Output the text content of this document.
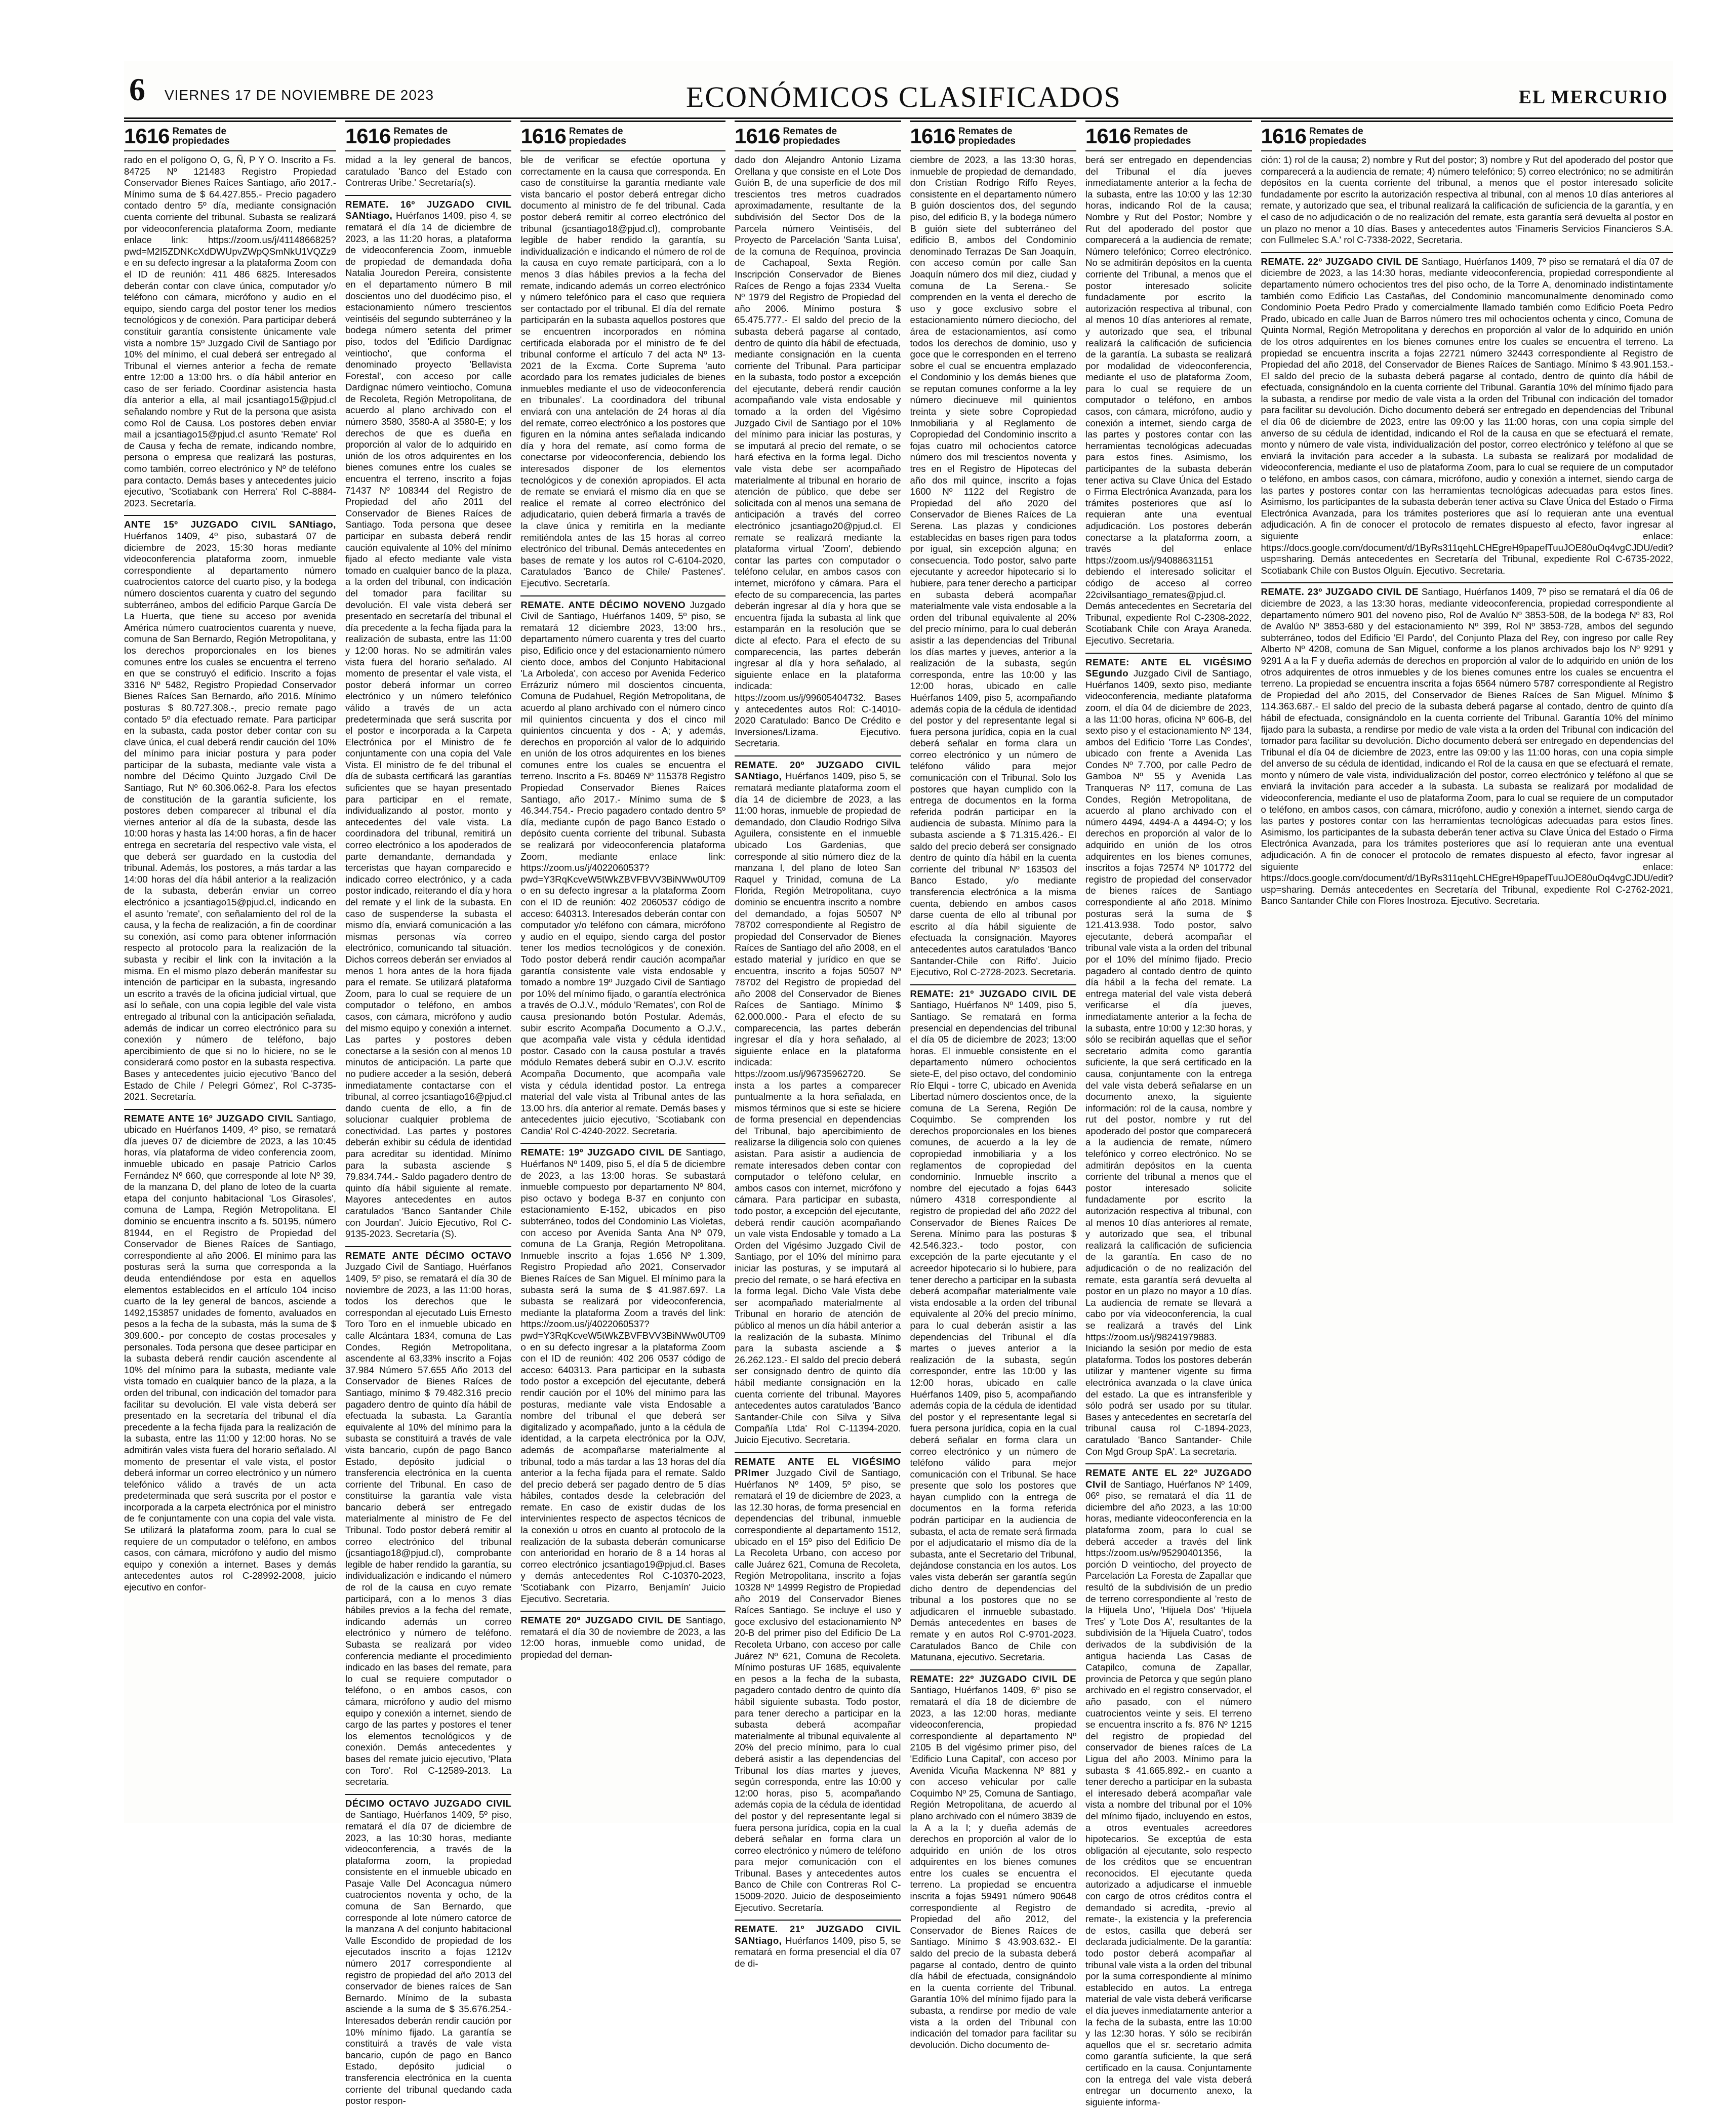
6 VIERNES 17 DE NOVIEMBRE DE 2023	ECONÓMICOS CLASIFICADOS	EL MERCURIO
1616 Remates de propiedades

rado en el polígono O, G, Ñ, P Y O. Inscrito a Fs. 84725 Nº 121483 Registro Propiedad Conservador Bienes Raíces Santiago, año 2017.- Mínimo suma de $ 64.427.855.- Precio pagadero contado dentro 5º día, mediante consignación cuenta corriente del tribunal. Subasta se realizará por videoconferencia plataforma Zoom, mediante enlace link: https://zoom.us/j/4114866825?pwd=M2I5ZDNKcXdDWUpvZWpQSmNkU1VQZz9 e en su defecto ingresar a la plataforma Zoom con el ID de reunión: 411 486 6825. Interesados deberán contar con clave única, computador y/o teléfono con cámara, micrófono y audio en el equipo, siendo carga del postor tener los medios tecnológicos y de conexión. Para participar deberá constituir garantía consistente únicamente vale vista a nombre 15º Juzgado Civil de Santiago por 10% del mínimo, el cual deberá ser entregado al Tribunal el viernes anterior a fecha de remate entre 12:00 a 13:00 hrs. o día hábil anterior en caso de ser feriado. Coordinar asistencia hasta día anterior a ella, al mail jcsantiago15@pjud.cl señalando nombre y Rut de la persona que asista como Rol de Causa. Los postores deben enviar mail a jcsantiago15@pjud.cl asunto 'Remate' Rol de Causa y fecha de remate, indicando nombre, persona o empresa que realizará las posturas, como también, correo electrónico y Nº de teléfono para contacto. Demás bases y antecedentes juicio ejecutivo, 'Scotiabank con Herrera' Rol C-8884-2023. Secretaría.

ANTE 15º JUZGADO CIVIL SANtiago, Huérfanos 1409, 4º piso, subastará 07 de diciembre de 2023, 15:30 horas mediante videoconferencia plataforma zoom, inmueble correspondiente al departamento número cuatrocientos catorce del cuarto piso, y la bodega número doscientos cuarenta y cuatro del segundo subterráneo, ambos del edificio Parque García De La Huerta, que tiene su acceso por avenida América número cuatrocientos cuarenta y nueve, comuna de San Bernardo, Región Metropolitana, y los derechos proporcionales en los bienes comunes entre los cuales se encuentra el terreno en que se construyó el edificio. Inscrito a fojas 3316 Nº 5482, Registro Propiedad Conservador Bienes Raíces San Bernardo, año 2016. Mínimo posturas $ 80.727.308.-, precio remate pago contado 5º día efectuado remate. Para participar en la subasta, cada postor deber contar con su clave única, el cual deberá rendir caución del 10% del mínimo para iniciar postura y para poder participar de la subasta, mediante vale vista a nombre del Décimo Quinto Juzgado Civil De Santiago, Rut Nº 60.306.062-8. Para los efectos de constitución de la garantía suficiente, los postores deben comparecer al tribunal el día viernes anterior al día de la subasta, desde las 10:00 horas y hasta las 14:00 horas, a fin de hacer entrega en secretaría del respectivo vale vista, el que deberá ser guardado en la custodia del tribunal. Además, los postores, a más tardar a las 14:00 horas del día hábil anterior a la realización de la subasta, deberán enviar un correo electrónico a jcsantiago15@pjud.cl, indicando en el asunto 'remate', con señalamiento del rol de la causa, y la fecha de realización, a fin de coordinar su conexión, así como para obtener información respecto al protocolo para la realización de la subasta y recibir el link con la invitación a la misma. En el mismo plazo deberán manifestar su intención de participar en la subasta, ingresando un escrito a través de la oficina judicial virtual, que así lo señale, con una copia legible del vale vista entregado al tribunal con la anticipación señalada, además de indicar un correo electrónico para su conexión y número de teléfono, bajo apercibimiento de que si no lo hiciere, no se le considerará como postor en la subasta respectiva. Bases y antecedentes juicio ejecutivo 'Banco del Estado de Chile / Pelegri Gómez', Rol C-3735-2021. Secretaría.

REMATE ANTE 16º JUZGADO CIVIL Santiago, ubicado en Huérfanos 1409, 4º piso, se rematará día jueves 07 de diciembre de 2023, a las 10:45 horas, vía plataforma de video conferencia zoom, inmueble ubicado en pasaje Patricio Carlos Fernández Nº 660, que corresponde al lote Nº 39, de la manzana D, del plano de loteo de la cuarta etapa del conjunto habitacional 'Los Girasoles', comuna de Lampa, Región Metropolitana. El dominio se encuentra inscrito a fs. 50195, número 81944, en el Registro de Propiedad del Conservador de Bienes Raíces de Santiago, correspondiente al año 2006. El mínimo para las posturas será la suma que corresponda a la deuda entendiéndose por esta en aquellos elementos establecidos en el artículo 104 inciso cuarto de la ley general de bancos, asciende a 1492,153857 unidades de fomento, avaluados en pesos a la fecha de la subasta, más la suma de $ 309.600.- por concepto de costas procesales y personales. Toda persona que desee participar en la subasta deberá rendir caución ascendente al 10% del mínimo para la subasta, mediante vale vista tomado en cualquier banco de la plaza, a la orden del tribunal, con indicación del tomador para facilitar su devolución. El vale vista deberá ser presentado en la secretaría del tribunal el día precedente a la fecha fijada para la realización de la subasta, entre las 11:00 y 12:00 horas. No se admitirán vales vista fuera del horario señalado. Al momento de presentar el vale vista, el postor deberá informar un correo electrónico y un número telefónico válido a través de un acta predeterminada que será suscrita por el postor e incorporada a la carpeta electrónica por el ministro de fe conjuntamente con una copia del vale vista. Se utilizará la plataforma zoom, para lo cual se requiere de un computador o teléfono, en ambos casos, con cámara, micrófono y audio del mismo equipo y conexión a internet. Bases y demás antecedentes autos rol C-28992-2008, juicio ejecutivo en confor-

1616 Remates de propiedades

midad a la ley general de bancos, caratulado 'Banco del Estado con Contreras Uribe.' Secretaría(s).

REMATE. 16º JUZGADO CIVIL SANtiago, Huérfanos 1409, piso 4, se rematará el día 14 de diciembre de 2023, a las 11:20 horas, a plataforma de videoconferencia Zoom, inmueble de propiedad de demandada doña Natalia Jouredon Pereira, consistente en el departamento número B mil doscientos uno del duodécimo piso, el estacionamiento número trescientos veintiséis del segundo subterráneo y la bodega número setenta del primer piso, todos del 'Edificio Dardignac veintiocho', que conforma el denominado proyecto 'Bellavista Forestal', con acceso por calle Dardignac número veintiocho, Comuna de Recoleta, Región Metropolitana, de acuerdo al plano archivado con el número 3580, 3580-A al 3580-E; y los derechos de que es dueña en proporción al valor de lo adquirido en unión de los otros adquirentes en los bienes comunes entre los cuales se encuentra el terreno, inscrito a fojas 71437 Nº 108344 del Registro de Propiedad del año 2011 del Conservador de Bienes Raíces de Santiago. Toda persona que desee participar en subasta deberá rendir caución equivalente al 10% del mínimo fijado al efecto mediante vale vista tomado en cualquier banco de la plaza, a la orden del tribunal, con indicación del tomador para facilitar su devolución. El vale vista deberá ser presentado en secretaría del tribunal el día precedente a la fecha fijada para la realización de subasta, entre las 11:00 y 12:00 horas. No se admitirán vales vista fuera del horario señalado. Al momento de presentar el vale vista, el postor deberá informar un correo electrónico y un número telefónico válido a través de un acta predeterminada que será suscrita por el postor e incorporada a la Carpeta Electrónica por el Ministro de fe conjuntamente con una copia del Vale Vista. El ministro de fe del tribunal el día de subasta certificará las garantías suficientes que se hayan presentado para participar en el remate, individualizando al postor, monto y antecedentes del vale vista. La coordinadora del tribunal, remitirá un correo electrónico a los apoderados de parte demandante, demandada y terceristas que hayan comparecido e indicado correo electrónico, y a cada postor indicado, reiterando el día y hora del remate y el link de la subasta. En caso de suspenderse la subasta el mismo día, enviará comunicación a las mismas personas vía correo electrónico, comunicando tal situación. Dichos correos deberán ser enviados al menos 1 hora antes de la hora fijada para el remate. Se utilizará plataforma Zoom, para lo cual se requiere de un computador o teléfono, en ambos casos, con cámara, micrófono y audio del mismo equipo y conexión a internet. Las partes y postores deben conectarse a la sesión con al menos 10 minutos de anticipación. La parte que no pudiere acceder a la sesión, deberá inmediatamente contactarse con el tribunal, al correo jcsantiago16@pjud.cl dando cuenta de ello, a fin de solucionar cualquier problema de conectividad. Las partes y postores deberán exhibir su cédula de identidad para acreditar su identidad. Mínimo para la subasta asciende $ 79.834.744.- Saldo pagadero dentro de quinto día hábil siguiente al remate. Mayores antecedentes en autos caratulados 'Banco Santander Chile con Jourdan'. Juicio Ejecutivo, Rol C-9135-2023. Secretaría (S).

REMATE ANTE DÉCIMO OCTAVO Juzgado Civil de Santiago, Huérfanos 1409, 5º piso, se rematará el día 30 de noviembre de 2023, a las 11:00 horas, todos los derechos que le correspondan al ejecutado Luis Ernesto Toro Toro en el inmueble ubicado en calle Alcántara 1834, comuna de Las Condes, Región Metropolitana, ascendente al 63,33% inscrito a Fojas 37.984 Número 57.655 Año 2013 del Conservador de Bienes Raíces de Santiago, mínimo $ 79.482.316 precio pagadero dentro de quinto día hábil de efectuada la subasta. La Garantía equivalente al 10% del mínimo para la subasta se constituirá a través de vale vista bancario, cupón de pago Banco Estado, depósito judicial o transferencia electrónica en la cuenta corriente del Tribunal. En caso de constituirse la garantía vale vista bancario deberá ser entregado materialmente al ministro de Fe del Tribunal. Todo postor deberá remitir al correo electrónico del tribunal (jcsantiago18@pjud.cl), comprobante legible de haber rendido la garantía, su individualización e indicando el número de rol de la causa en cuyo remate participará, con a lo menos 3 días hábiles previos a la fecha del remate, indicando además un correo electrónico y número de teléfono. Subasta se realizará por video conferencia mediante el procedimiento indicado en las bases del remate, para lo cual se requiere computador o teléfono, o en ambos casos, con cámara, micrófono y audio del mismo equipo y conexión a internet, siendo de cargo de las partes y postores el tener los elementos tecnológicos y de conexión. Demás antecedentes y bases del remate juicio ejecutivo, 'Plata con Toro'. Rol C-12589-2013. La secretaria.

DÉCIMO OCTAVO JUZGADO CIVIL de Santiago, Huérfanos 1409, 5º piso, rematará el día 07 de diciembre de 2023, a las 10:30 horas, mediante videoconferencia, a través de la plataforma zoom, la propiedad consistente en el inmueble ubicado en Pasaje Valle Del Aconcagua número cuatrocientos noventa y ocho, de la comuna de San Bernardo, que corresponde al lote número catorce de la manzana A del conjunto habitacional Valle Escondido de propiedad de los ejecutados inscrito a fojas 1212v número 2017 correspondiente al registro de propiedad del año 2013 del conservador de bienes raíces de San Bernardo. Mínimo de la subasta asciende a la suma de $ 35.676.254.- Interesados deberán rendir caución por 10% mínimo fijado. La garantía se constituirá a través de vale vista bancario, cupón de pago en Banco Estado, depósito judicial o transferencia electrónica en la cuenta corriente del tribunal quedando cada postor respon-

1616 Remates de propiedades

ble de verificar se efectúe oportuna y correctamente en la causa que corresponda. En caso de constituirse la garantía mediante vale vista bancario el postor deberá entregar dicho documento al ministro de fe del tribunal. Cada postor deberá remitir al correo electrónico del tribunal (jcsantiago18@pjud.cl), comprobante legible de haber rendido la garantía, su individualización e indicando el número de rol de la causa en cuyo remate participará, con a lo menos 3 días hábiles previos a la fecha del remate, indicando además un correo electrónico y número telefónico para el caso que requiera ser contactado por el tribunal. El día del remate participarán en la subasta aquellos postores que se encuentren incorporados en nómina certificada elaborada por el ministro de fe del tribunal conforme el artículo 7 del acta Nº 13-2021 de la Excma. Corte Suprema 'auto acordado para los remates judiciales de bienes inmuebles mediante el uso de videoconferencia en tribunales'. La coordinadora del tribunal enviará con una antelación de 24 horas al día del remate, correo electrónico a los postores que figuren en la nómina antes señalada indicando día y hora del remate, así como forma de conectarse por videoconferencia, debiendo los interesados disponer de los elementos tecnológicos y de conexión apropiados. El acta de remate se enviará el mismo día en que se realice el remate al correo electrónico del adjudicatario, quien deberá firmarla a través de la clave única y remitirla en la mediante remitiéndola antes de las 15 horas al correo electrónico del tribunal. Demás antecedentes en bases de remate y los autos rol C-6104-2020, Caratulados 'Banco de Chile/ Pastenes'. Ejecutivo. Secretaría.

REMATE. ANTE DÉCIMO NOVENO Juzgado Civil de Santiago, Huérfanos 1409, 5º piso, se rematará 12 diciembre 2023, 13:00 hrs., departamento número cuarenta y tres del cuarto piso, Edificio once y del estacionamiento número ciento doce, ambos del Conjunto Habitacional 'La Arboleda', con acceso por Avenida Federico Errázuriz número mil doscientos cincuenta, Comuna de Pudahuel, Región Metropolitana, de acuerdo al plano archivado con el número cinco mil quinientos cincuenta y dos el cinco mil quinientos cincuenta y dos - A; y además, derechos en proporción al valor de lo adquirido en unión de los otros adquirentes en los bienes comunes entre los cuales se encuentra el terreno. Inscrito a Fs. 80469 Nº 115378 Registro Propiedad Conservador Bienes Raíces Santiago, año 2017.- Mínimo suma de $ 46.344.754.- Precio pagadero contado dentro 5º día, mediante cupón de pago Banco Estado o depósito cuenta corriente del tribunal. Subasta se realizará por videoconferencia plataforma Zoom, mediante enlace link: https://zoom.us/j/4022060537?pwd=Y3RqKcveW5tWkZBVFBVV3BiNWw0UT09 o en su defecto ingresar a la plataforma Zoom con el ID de reunión: 402 2060537 código de acceso: 640313. Interesados deberán contar con computador y/o teléfono con cámara, micrófono y audio en el equipo, siendo carga del postor tener los medios tecnológicos y de conexión. Todo postor deberá rendir caución acompañar garantía consistente vale vista endosable y tomado a nombre 19º Juzgado Civil de Santiago por 10% del mínimo fijado, o garantía electrónica a través de O.J.V., módulo 'Remates', con Rol de causa presionando botón Postular. Además, subir escrito Acompaña Documento a O.J.V., que acompaña vale vista y cédula identidad postor. Casado con la causa postular a través módulo Remates deberá subir en O.J.V. escrito Acompaña Documento, que acompaña vale vista y cédula identidad postor. La entrega material del vale vista al Tribunal antes de las 13.00 hrs. día anterior al remate. Demás bases y antecedentes juicio ejecutivo, 'Scotiabank con Candia' Rol C-4240-2022. Secretaria.

REMATE: 19º JUZGADO CIVIL DE Santiago, Huérfanos Nº 1409, piso 5, el día 5 de diciembre de 2023, a las 13:00 horas. Se subastará inmueble compuesto por departamento Nº 804, piso octavo y bodega B-37 en conjunto con estacionamiento E-152, ubicados en piso subterráneo, todos del Condominio Las Violetas, con acceso por Avenida Santa Ana Nº 079, comuna de La Granja, Región Metropolitana. Inmueble inscrito a fojas 1.656 Nº 1.309, Registro Propiedad año 2021, Conservador Bienes Raíces de San Miguel. El mínimo para la subasta será la suma de $ 41.987.697. La subasta se realizará por videoconferencia, mediante la plataforma Zoom a través del link: https://zoom.us/j/4022060537?pwd=Y3RqKcveW5tWkZBVFBVV3BiNWw0UT09 o en su defecto ingresar a la plataforma Zoom con el ID de reunión: 402 206 0537 código de acceso: 640313. Para participar en la subasta todo postor a excepción del ejecutante, deberá rendir caución por el 10% del mínimo para las posturas, mediante vale vista Endosable a nombre del tribunal el que deberá ser digitalizado y acompañado, junto a la cédula de identidad, a la carpeta electrónica por la OJV, además de acompañarse materialmente al tribunal, todo a más tardar a las 13 horas del día anterior a la fecha fijada para el remate. Saldo del precio deberá ser pagado dentro de 5 días hábiles, contados desde la celebración del remate. En caso de existir dudas de los intervinientes respecto de aspectos técnicos de la conexión u otros en cuanto al protocolo de la realización de la subasta deberán comunicarse con anterioridad en horario de 8 a 14 horas al correo electrónico jcsantiago19@pjud.cl. Bases y demás antecedentes Rol C-10370-2023, 'Scotiabank con Pizarro, Benjamín' Juicio Ejecutivo. Secretaria.

REMATE 20º JUZGADO CIVIL DE Santiago, rematará el día 30 de noviembre de 2023, a las 12:00 horas, inmueble como unidad, de propiedad del deman-

1616 Remates de propiedades

dado don Alejandro Antonio Lizama Orellana y que consiste en el Lote Dos Guión B, de una superficie de dos mil trescientos tres metros cuadrados aproximadamente, resultante de la subdivisión del Sector Dos de la Parcela número Veintiséis, del Proyecto de Parcelación 'Santa Luisa', de la comuna de Requínoa, provincia de Cachapoal, Sexta Región. Inscripción Conservador de Bienes Raíces de Rengo a fojas 2334 Vuelta Nº 1979 del Registro de Propiedad del año 2006. Mínimo postura $ 65.475.777.- El saldo del precio de la subasta deberá pagarse al contado, dentro de quinto día hábil de efectuada, mediante consignación en la cuenta corriente del Tribunal. Para participar en la subasta, todo postor a excepción del ejecutante, deberá rendir caución acompañando vale vista endosable y tomado a la orden del Vigésimo Juzgado Civil de Santiago por el 10% del mínimo para iniciar las posturas, y se imputará al precio del remate, o se hará efectiva en la forma legal. Dicho vale vista debe ser acompañado materialmente al tribunal en horario de atención de público, que debe ser solicitada con al menos una semana de anticipación a través del correo electrónico jcsantiago20@pjud.cl. El remate se realizará mediante la plataforma virtual 'Zoom', debiendo contar las partes con computador o teléfono celular, en ambos casos con internet, micrófono y cámara. Para el efecto de su comparecencia, las partes deberán ingresar al día y hora que se encuentra fijada la subasta al link que estamparán en la resolución que se dicte al efecto. Para el efecto de su comparecencia, las partes deberán ingresar al día y hora señalado, al siguiente enlace en la plataforma indicada: https://zoom.us/j/99605404732. Bases y antecedentes autos Rol: C-14010-2020 Caratulado: Banco De Crédito e Inversiones/Lizama. Ejecutivo. Secretaria.

REMATE. 20º JUZGADO CIVIL SANtiago, Huérfanos 1409, piso 5, se rematará mediante plataforma zoom el día 14 de diciembre de 2023, a las 11:00 horas, inmueble de propiedad de demandado, don Claudio Rodrigo Silva Aguilera, consistente en el inmueble ubicado Los Gardenias, que corresponde al sitio número diez de la manzana I, del plano de loteo San Raquel y Trinidad, comuna de La Florida, Región Metropolitana, cuyo dominio se encuentra inscrito a nombre del demandado, a fojas 50507 Nº 78702 correspondiente al Registro de propiedad del Conservador de Bienes Raíces de Santiago del año 2008, en el estado material y jurídico en que se encuentra, inscrito a fojas 50507 Nº 78702 del Registro de propiedad del año 2008 del Conservador de Bienes Raíces de Santiago. Mínimo $ 62.000.000.- Para el efecto de su comparecencia, las partes deberán ingresar el día y hora señalado, al siguiente enlace en la plataforma indicada: https://zoom.us/j/96735962720. Se insta a los partes a comparecer puntualmente a la hora señalada, en mismos términos que si este se hiciere de forma presencial en dependencias del Tribunal, bajo apercibimiento de realizarse la diligencia solo con quienes asistan. Para asistir a audiencia de remate interesados deben contar con computador o teléfono celular, en ambos casos con internet, micrófono y cámara. Para participar en subasta, todo postor, a excepción del ejecutante, deberá rendir caución acompañando un vale vista Endosable y tomado a La Orden del Vigésimo Juzgado Civil de Santiago, por el 10% del mínimo para iniciar las posturas, y se imputará al precio del remate, o se hará efectiva en la forma legal. Dicho Vale Vista debe ser acompañado materialmente al Tribunal en horario de atención de público al menos un día hábil anterior a la realización de la subasta. Mínimo para la subasta asciende a $ 26.262.123.- El saldo del precio deberá ser consignado dentro de quinto día hábil mediante consignación en la cuenta corriente del tribunal. Mayores antecedentes autos caratulados 'Banco Santander-Chile con Silva y Silva Compañía Ltda' Rol C-11394-2020. Juicio Ejecutivo. Secretaria.

REMATE ANTE EL VIGÉSIMO PRImer Juzgado Civil de Santiago, Huérfanos Nº 1409, 5º piso, se rematará el 19 de diciembre de 2023, a las 12.30 horas, de forma presencial en dependencias del tribunal, inmueble correspondiente al departamento 1512, ubicado en el 15º piso del Edificio De La Recoleta Urbano, con acceso por calle Juárez 621, Comuna de Recoleta, Región Metropolitana, inscrito a fojas 10328 Nº 14999 Registro de Propiedad año 2019 del Conservador Bienes Raíces Santiago. Se incluye el uso y goce exclusivo del estacionamiento Nº 20-B del primer piso del Edificio De La Recoleta Urbano, con acceso por calle Juárez Nº 621, Comuna de Recoleta. Mínimo posturas UF 1685, equivalente en pesos a la fecha de la subasta, pagadero contado dentro de quinto día hábil siguiente subasta. Todo postor, para tener derecho a participar en la subasta deberá acompañar materialmente al tribunal equivalente al 20% del precio mínimo, para lo cual deberá asistir a las dependencias del Tribunal los días martes y jueves, según corresponda, entre las 10:00 y 12:00 horas, piso 5, acompañando además copia de la cédula de identidad del postor y del representante legal si fuera persona jurídica, copia en la cual deberá señalar en forma clara un correo electrónico y número de teléfono para mejor comunicación con el Tribunal. Bases y antecedentes autos Banco de Chile con Contreras Rol C-15009-2020. Juicio de desposeimiento Ejecutivo. Secretaría.

REMATE. 21º JUZGADO CIVIL SANtiago, Huérfanos 1409, piso 5, se rematará en forma presencial el día 07 de di-

1616 Remates de propiedades

ciembre de 2023, a las 13:30 horas, inmueble de propiedad de demandado, don Cristian Rodrigo Riffo Reyes, consistente en el departamento número B guión doscientos dos, del segundo piso, del edificio B, y la bodega número B guión siete del subterráneo del edificio B, ambos del Condominio denominado Terrazas De San Joaquín, con acceso común por calle San Joaquín número dos mil diez, ciudad y comuna de La Serena.- Se comprenden en la venta el derecho de uso y goce exclusivo sobre el estacionamiento número dieciocho, del área de estacionamientos, así como todos los derechos de dominio, uso y goce que le corresponden en el terreno sobre el cual se encuentra emplazado el Condominio y los demás bienes que se reputan comunes conforme a la ley número diecinueve mil quinientos treinta y siete sobre Copropiedad Inmobiliaria y al Reglamento de Copropiedad del Condominio inscrito a fojas cuatro mil ochocientos catorce número dos mil trescientos noventa y tres en el Registro de Hipotecas del año dos mil quince, inscrito a fojas 1600 Nº 1122 del Registro de Propiedad del año 2020 del Conservador de Bienes Raíces de La Serena. Las plazas y condiciones establecidas en bases rigen para todos por igual, sin excepción alguna; en consecuencia. Todo postor, salvo parte ejecutante y acreedor hipotecario si lo hubiere, para tener derecho a participar en subasta deberá acompañar materialmente vale vista endosable a la orden del tribunal equivalente al 20% del precio mínimo, para lo cual deberán asistir a las dependencias del Tribunal los días martes y jueves, anterior a la realización de la subasta, según corresponda, entre las 10:00 y las 12:00 horas, ubicado en calle Huérfanos 1409, piso 5, acompañando además copia de la cédula de identidad del postor y del representante legal si fuera persona jurídica, copia en la cual deberá señalar en forma clara un correo electrónico y un número de teléfono válido para mejor comunicación con el Tribunal. Solo los postores que hayan cumplido con la entrega de documentos en la forma referida podrán participar en la audiencia de subasta. Mínimo para la subasta asciende a $ 71.315.426.- El saldo del precio deberá ser consignado dentro de quinto día hábil en la cuenta corriente del tribunal Nº 163503 del Banco Estado, y/o mediante transferencia electrónica a la misma cuenta, debiendo en ambos casos darse cuenta de ello al tribunal por escrito al día hábil siguiente de efectuada la consignación. Mayores antecedentes autos caratulados 'Banco Santander-Chile con Riffo'. Juicio Ejecutivo, Rol C-2728-2023. Secretaria.

REMATE: 21º JUZGADO CIVIL DE Santiago, Huérfanos Nº 1409, piso 5, Santiago. Se rematará en forma presencial en dependencias del tribunal el día 05 de diciembre de 2023; 13:00 horas. El inmueble consistente en el departamento número ochocientos siete-E, del piso octavo, del condominio Río Elqui - torre C, ubicado en Avenida Libertad número doscientos once, de la comuna de La Serena, Región De Coquimbo. Se comprenden los derechos proporcionales en los bienes comunes, de acuerdo a la ley de copropiedad inmobiliaria y a los reglamentos de copropiedad del condominio. Inmueble inscrito a nombre del ejecutado a fojas 6443 número 4318 correspondiente al registro de propiedad del año 2022 del Conservador de Bienes Raíces De Serena. Mínimo para las posturas $ 42.546.323.- todo postor, con excepción de la parte ejecutante y el acreedor hipotecario si lo hubiere, para tener derecho a participar en la subasta deberá acompañar materialmente vale vista endosable a la orden del tribunal equivalente al 20% del precio mínimo, para lo cual deberán asistir a las dependencias del Tribunal el día martes o jueves anterior a la realización de la subasta, según corresponder, entre las 10:00 y las 12:00 horas, ubicado en calle Huérfanos 1409, piso 5, acompañando además copia de la cédula de identidad del postor y el representante legal si fuera persona jurídica, copia en la cual deberá señalar en forma clara un correo electrónico y un número de teléfono válido para mejor comunicación con el Tribunal. Se hace presente que solo los postores que hayan cumplido con la entrega de documentos en la forma referida podrán participar en la audiencia de subasta, el acta de remate será firmada por el adjudicatario el mismo día de la subasta, ante el Secretario del Tribunal, dejándose constancia en los autos. Los vales vista deberán ser garantía según dicho dentro de dependencias del tribunal a los postores que no se adjudicaren el inmueble subastado. Demás antecedentes en bases de remate y en autos Rol C-9701-2023. Caratulados Banco de Chile con Matunana, ejecutivo. Secretaria.

REMATE: 22º JUZGADO CIVIL DE Santiago, Huérfanos 1409, 6º piso se rematará el día 18 de diciembre de 2023, a las 12:00 horas, mediante videoconferencia, propiedad correspondiente al departamento Nº 2105 B del vigésimo primer piso, del 'Edificio Luna Capital', con acceso por Avenida Vicuña Mackenna Nº 881 y con acceso vehicular por calle Coquimbo Nº 25, Comuna de Santiago, Región Metropolitana, de acuerdo al plano archivado con el número 3839 de la A a la I; y dueña además de derechos en proporción al valor de lo adquirido en unión de los otros adquirentes en los bienes comunes entre los cuales se encuentra el terreno. La propiedad se encuentra inscrita a fojas 59491 número 90648 correspondiente al Registro de Propiedad del año 2012, del Conservador de Bienes Raíces de Santiago. Mínimo $ 43.903.632.- El saldo del precio de la subasta deberá pagarse al contado, dentro de quinto día hábil de efectuada, consignándolo en la cuenta corriente del Tribunal. Garantía 10% del mínimo fijado para la subasta, a rendirse por medio de vale vista a la orden del Tribunal con indicación del tomador para facilitar su devolución. Dicho documento de-

1616 Remates de propiedades

berá ser entregado en dependencias del Tribunal el día jueves inmediatamente anterior a la fecha de la subasta, entre las 10:00 y las 12:30 horas, indicando Rol de la causa; Nombre y Rut del Postor; Nombre y Rut del apoderado del postor que comparecerá a la audiencia de remate; Número telefónico; Correo electrónico. No se admitirán depósitos en la cuenta corriente del Tribunal, a menos que el postor interesado solicite fundadamente por escrito la autorización respectiva al tribunal, con al menos 10 días anteriores al remate, y autorizado que sea, el tribunal realizará la calificación de suficiencia de la garantía. La subasta se realizará por modalidad de videoconferencia, mediante el uso de plataforma Zoom, para lo cual se requiere de un computador o teléfono, en ambos casos, con cámara, micrófono, audio y conexión a internet, siendo carga de las partes y postores contar con las herramientas tecnológicas adecuadas para estos fines. Asimismo, los participantes de la subasta deberán tener activa su Clave Única del Estado o Firma Electrónica Avanzada, para los trámites posteriores que así lo requieran ante una eventual adjudicación. Los postores deberán conectarse a la plataforma zoom, a través del enlace https://zoom.us/j/94088631151 debiendo el interesado solicitar el código de acceso al correo 22civilsantiago_remates@pjud.cl. Demás antecedentes en Secretaría del Tribunal, expediente Rol C-2308-2022, Scotiabank Chile con Araya Araneda. Ejecutivo. Secretaria.

REMATE: ANTE EL VIGÉSIMO SEgundo Juzgado Civil de Santiago, Huérfanos 1409, sexto piso, mediante videoconferencia, mediante plataforma zoom, el día 04 de diciembre de 2023, a las 11:00 horas, oficina Nº 606-B, del sexto piso y el estacionamiento Nº 134, ambos del Edificio 'Torre Las Condes', ubicado con frente a Avenida Las Condes Nº 7.700, por calle Pedro de Gamboa Nº 55 y Avenida Las Tranqueras Nº 117, comuna de Las Condes, Región Metropolitana, de acuerdo al plano archivado con el número 4494, 4494-A a 4494-O; y los derechos en proporción al valor de lo adquirido en unión de los otros adquirentes en los bienes comunes, inscritos a fojas 72574 Nº 101772 del registro de propiedad del conservador de bienes raíces de Santiago correspondiente al año 2018. Mínimo posturas será la suma de $ 121.413.938. Todo postor, salvo ejecutante, deberá acompañar el tribunal vale vista a la orden del tribunal por el 10% del mínimo fijado. Precio pagadero al contado dentro de quinto día hábil a la fecha del remate. La entrega material del vale vista deberá verificarse el día jueves, inmediatamente anterior a la fecha de la subasta, entre 10:00 y 12:30 horas, y sólo se recibirán aquellas que el señor secretario admita como garantía suficiente, la que será certificado en la causa, conjuntamente con la entrega del vale vista deberá señalarse en un documento anexo, la siguiente información: rol de la causa, nombre y rut del postor, nombre y rut del apoderado del postor que comparecerá a la audiencia de remate, número telefónico y correo electrónico. No se admitirán depósitos en la cuenta corriente del tribunal a menos que el postor interesado solicite fundadamente por escrito la autorización respectiva al tribunal, con al menos 10 días anteriores al remate, y autorizado que sea, el tribunal realizará la calificación de suficiencia de la garantía. En caso de no adjudicación o de no realización del remate, esta garantía será devuelta al postor en un plazo no mayor a 10 días. La audiencia de remate se llevará a cabo por vía videoconferencia, la cual se realizará a través del Link https://zoom.us/j/98241979883. Iniciando la sesión por medio de esta plataforma. Todos los postores deberán utilizar y mantener vigente su firma electrónica avanzada o la clave única del estado. La que es intransferible y sólo podrá ser usado por su titular. Bases y antecedentes en secretaría del tribunal causa rol C-1894-2023, caratulado 'Banco Santander- Chile Con Mgd Group SpA'. La secretaria.

REMATE ANTE EL 22º JUZGADO CIvil de Santiago, Huérfanos Nº 1409, 06º piso, se rematará el día 11 de diciembre del año 2023, a las 10:00 horas, mediante videoconferencia en la plataforma zoom, para lo cual se deberá acceder a través del link https://zoom.us/w/95290401356, la porción D veintiocho, del proyecto de Parcelación La Foresta de Zapallar que resultó de la subdivisión de un predio de terreno correspondiente al 'resto de la Hijuela Uno', 'Hijuela Dos' 'Hijuela Tres' y 'Lote Dos A', resultantes de la subdivisión de la 'Hijuela Cuatro', todos derivados de la subdivisión de la antigua hacienda Las Casas de Catapilco, comuna de Zapallar, provincia de Petorca y que según plano archivado en el registro conservador, el año pasado, con el número cuatrocientos veinte y seis. El terreno se encuentra inscrito a fs. 876 Nº 1215 del registro de propiedad del conservador de bienes raíces de La Ligua del año 2003. Mínimo para la subasta $ 41.665.892.- en cuanto a tener derecho a participar en la subasta el interesado deberá acompañar vale vista a nombre del tribunal por el 10% del mínimo fijado, incluyendo en estos, a otros eventuales acreedores hipotecarios. Se exceptúa de esta obligación al ejecutante, solo respecto de los créditos que se encuentran reconocidos. El ejecutante queda autorizado a adjudicarse el inmueble con cargo de otros créditos contra el demandado si acredita, -previo al remate-, la existencia y la preferencia de estos, casilla que deberá ser declarada judicialmente. De la garantía: todo postor deberá acompañar al tribunal vale vista a la orden del tribunal por la suma correspondiente al mínimo establecido en autos. La entrega material de vale vista deberá verificarse el día jueves inmediatamente anterior a la fecha de la subasta, entre las 10:00 y las 12:30 horas. Y sólo se recibirán aquellos que el sr. secretario admita como garantía suficiente, la que será certificado en la causa. Conjuntamente con la entrega del vale vista deberá entregar un documento anexo, la siguiente informa-

1616 Remates de propiedades

ción: 1) rol de la causa; 2) nombre y Rut del postor; 3) nombre y Rut del apoderado del postor que comparecerá a la audiencia de remate; 4) número telefónico; 5) correo electrónico; no se admitirán depósitos en la cuenta corriente del tribunal, a menos que el postor interesado solicite fundadamente por escrito la autorización respectiva al tribunal, con al menos 10 días anteriores al remate, y autorizado que sea, el tribunal realizará la calificación de suficiencia de la garantía, y en el caso de no adjudicación o de no realización del remate, esta garantía será devuelta al postor en un plazo no menor a 10 días. Bases y antecedentes autos 'Finameris Servicios Financieros S.A. con Fullmelec S.A.' rol C-7338-2022, Secretaria.

REMATE. 22º JUZGADO CIVIL DE Santiago, Huérfanos 1409, 7º piso se rematará el día 07 de diciembre de 2023, a las 14:30 horas, mediante videoconferencia, propiedad correspondiente al departamento número ochocientos tres del piso ocho, de la Torre A, denominado indistintamente también como Edificio Las Castañas, del Condominio mancomunalmente denominado como Condominio Poeta Pedro Prado y comercialmente llamado también como Edificio Poeta Pedro Prado, ubicado en calle Juan de Barros número tres mil ochocientos ochenta y cinco, Comuna de Quinta Normal, Región Metropolitana y derechos en proporción al valor de lo adquirido en unión de los otros adquirentes en los bienes comunes entre los cuales se encuentra el terreno. La propiedad se encuentra inscrita a fojas 22721 número 32443 correspondiente al Registro de Propiedad del año 2018, del Conservador de Bienes Raíces de Santiago. Mínimo $ 43.901.153.- El saldo del precio de la subasta deberá pagarse al contado, dentro de quinto día hábil de efectuada, consignándolo en la cuenta corriente del Tribunal. Garantía 10% del mínimo fijado para la subasta, a rendirse por medio de vale vista a la orden del Tribunal con indicación del tomador para facilitar su devolución. Dicho documento deberá ser entregado en dependencias del Tribunal el día 06 de diciembre de 2023, entre las 09:00 y las 11:00 horas, con una copia simple del anverso de su cédula de identidad, indicando el Rol de la causa en que se efectuará el remate, monto y número de vale vista, individualización del postor, correo electrónico y teléfono al que se enviará la invitación para acceder a la subasta. La subasta se realizará por modalidad de videoconferencia, mediante el uso de plataforma Zoom, para lo cual se requiere de un computador o teléfono, en ambos casos, con cámara, micrófono, audio y conexión a internet, siendo carga de las partes y postores contar con las herramientas tecnológicas adecuadas para estos fines. Asimismo, los participantes de la subasta deberán tener activa su Clave Única del Estado o Firma Electrónica Avanzada, para los trámites posteriores que así lo requieran ante una eventual adjudicación. A fin de conocer el protocolo de remates dispuesto al efecto, favor ingresar al siguiente enlace: https://docs.google.com/document/d/1ByRs311qehLCHEgreH9papefTuuJOE80uOq4vgCJDU/edit?usp=sharing. Demás antecedentes en Secretaría del Tribunal, expediente Rol C-6735-2022, Scotiabank Chile con Bustos Olguín. Ejecutivo. Secretaria.

REMATE. 23º JUZGADO CIVIL DE Santiago, Huérfanos 1409, 7º piso se rematará el día 06 de diciembre de 2023, a las 13:30 horas, mediante videoconferencia, propiedad correspondiente al departamento número 901 del noveno piso, Rol de Avalúo Nº 3853-508, de la bodega Nº 83, Rol de Avalúo Nº 3853-680 y del estacionamiento Nº 399, Rol Nº 3853-728, ambos del segundo subterráneo, todos del Edificio 'El Pardo', del Conjunto Plaza del Rey, con ingreso por calle Rey Alberto Nº 4208, comuna de San Miguel, conforme a los planos archivados bajo los Nº 9291 y 9291 A a la F y dueña además de derechos en proporción al valor de lo adquirido en unión de los otros adquirentes de otros inmuebles y de los bienes comunes entre los cuales se encuentra el terreno. La propiedad se encuentra inscrita a fojas 6564 número 5787 correspondiente al Registro de Propiedad del año 2015, del Conservador de Bienes Raíces de San Miguel. Mínimo $ 114.363.687.- El saldo del precio de la subasta deberá pagarse al contado, dentro de quinto día hábil de efectuada, consignándolo en la cuenta corriente del Tribunal. Garantía 10% del mínimo fijado para la subasta, a rendirse por medio de vale vista a la orden del Tribunal con indicación del tomador para facilitar su devolución. Dicho documento deberá ser entregado en dependencias del Tribunal el día 04 de diciembre de 2023, entre las 09:00 y las 11:00 horas, con una copia simple del anverso de su cédula de identidad, indicando el Rol de la causa en que se efectuará el remate, monto y número de vale vista, individualización del postor, correo electrónico y teléfono al que se enviará la invitación para acceder a la subasta. La subasta se realizará por modalidad de videoconferencia, mediante el uso de plataforma Zoom, para lo cual se requiere de un computador o teléfono, en ambos casos, con cámara, micrófono, audio y conexión a internet, siendo carga de las partes y postores contar con las herramientas tecnológicas adecuadas para estos fines. Asimismo, los participantes de la subasta deberán tener activa su Clave Única del Estado o Firma Electrónica Avanzada, para los trámites posteriores que así lo requieran ante una eventual adjudicación. A fin de conocer el protocolo de remates dispuesto al efecto, favor ingresar al siguiente enlace: https://docs.google.com/document/d/1ByRs311qehLCHEgreH9papefTuuJOE80uOq4vgCJDU/edit?usp=sharing. Demás antecedentes en Secretaría del Tribunal, expediente Rol C-2762-2021, Banco Santander Chile con Flores Inostroza. Ejecutivo. Secretaria.
